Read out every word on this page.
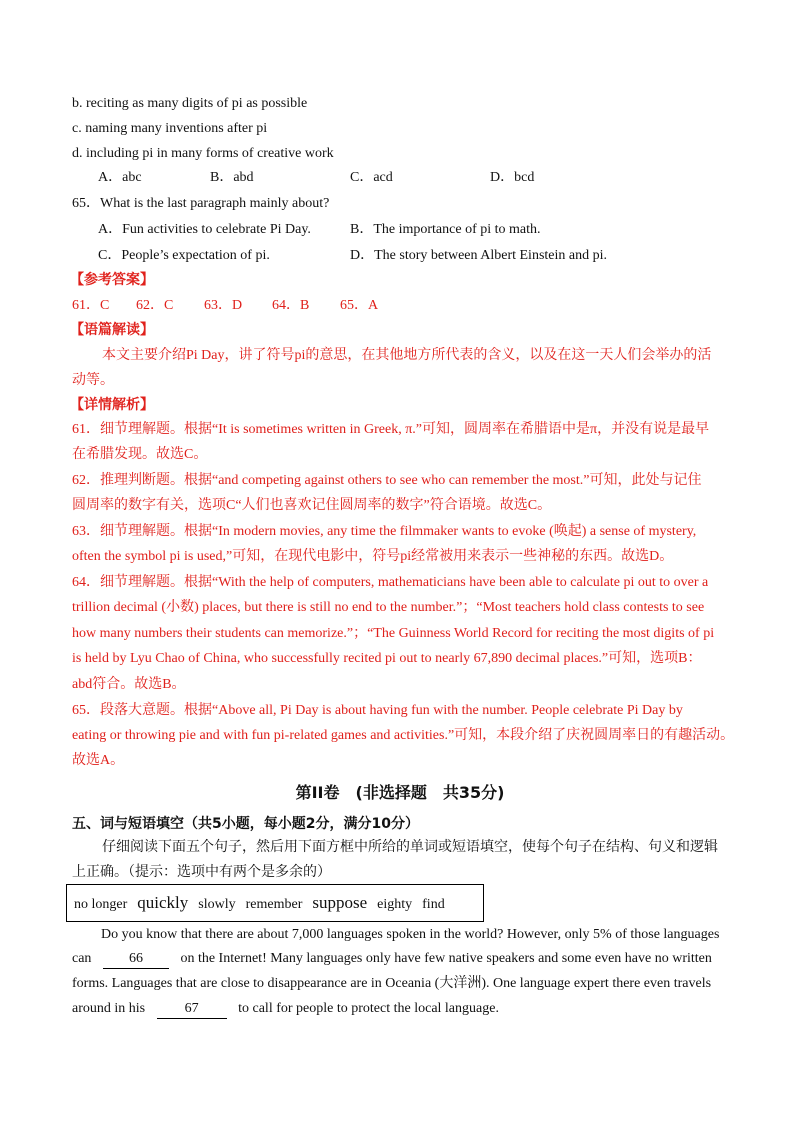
b. reciting as many digits of pi as possible
c. naming many inventions after pi
d. including pi in many forms of creative work
A．abc	B．abd	C．acd	D．bcd
65．What is the last paragraph mainly about?
A．Fun activities to celebrate Pi Day.	B．The importance of pi to math.
C．People’s expectation of pi.	D．The story between Albert Einstein and pi.
【参考答案】
61．C 62．C 63．D 64．B 65．A
【语篇解读】
本文主要介绍Pi Day，讲了符号pi的意思，在其他地方所代表的含义，以及在这一天人们会举办的活
动等。
【详情解析】
61．细节理解题。根据“It is sometimes written in Greek, π.”可知，圆周率在希腊语中是π，并没有说是最早
在希腊发现。故选C。
62．推理判断题。根据“and competing against others to see who can remember the most.”可知，此处与记住
圆周率的数字有关，选项C“人们也喜欢记住圆周率的数字”符合语境。故选C。
63．细节理解题。根据“In modern movies, any time the filmmaker wants to evoke (唤起) a sense of mystery,
often the symbol pi is used,”可知，在现代电影中，符号pi经常被用来表示一些神秘的东西。故选D。
64．细节理解题。根据“With the help of computers, mathematicians have been able to calculate pi out to over a
trillion decimal (小数) places, but there is still no end to the number.”；“Most teachers hold class contests to see
how many numbers their students can memorize.”；“The Guinness World Record for reciting the most digits of pi
is held by Lyu Chao of China, who successfully recited pi out to nearly 67,890 decimal places.”可知，选项B：
abd符合。故选B。
65．段落大意题。根据“Above all, Pi Day is about having fun with the number. People celebrate Pi Day by
eating or throwing pie and with fun pi-related games and activities.”可知，本段介绍了庆祝圆周率日的有趣活动。
故选A。
第II卷　(非选择题　共35分)
五、词与短语填空（共5小题，每小题2分，满分10分）
仔细阅读下面五个句子，然后用下面方框中所给的单词或短语填空，使每个句子在结构、句义和逻辑
上正确。（提示：选项中有两个是多余的）
no longer quickly slowly remember suppose eighty find
Do you know that there are about 7,000 languages spoken in the world? However, only 5% of those languages
can	66	on the Internet! Many languages only have few native speakers and some even have no written
forms. Languages that are close to disappearance are in Oceania (大洋洲). One language expert there even travels
around in his	67	to call for people to protect the local language.
